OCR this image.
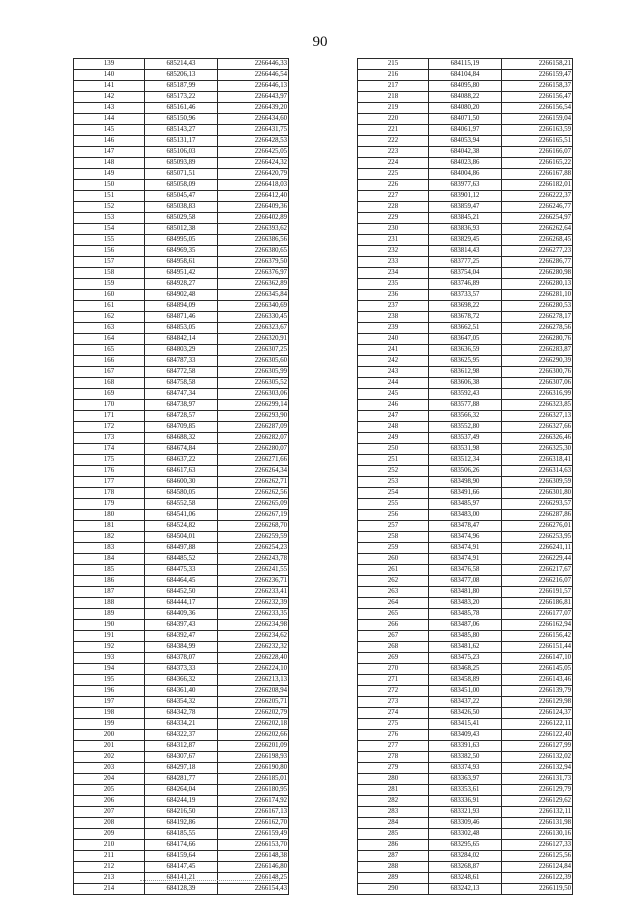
90
139	685214,43	2266446,33
140	685206,13	2266446,54
141	685187,99	2266446,13
142	685173,22	2266443,97
143	685161,46	2266439,20
144	685150,96	2266434,60
145	685143,27	2266431,75
146	685131,17	2266428,53
147	685106,03	2266425,05
148	685093,89	2266424,32
149	685071,51	2266420,79
150	685058,09	2266418,03
151	685045,47	2266412,40
152	685038,83	2266409,36
153	685029,58	2266402,89
154	685012,38	2266393,62
155	684995,05	2266386,56
156	684969,35	2266380,65
157	684958,61	2266379,50
158	684951,42	2266376,97
159	684928,27	2266362,89
160	684902,48	2266345,84
161	684894,09	2266340,69
162	684871,46	2266330,45
163	684853,05	2266323,67
164	684842,14	2266320,91
165	684803,29	2266307,25
166	684787,33	2266305,60
167	684772,58	2266305,99
168	684758,58	2266305,52
169	684747,34	2266303,06
170	684738,97	2266299,14
171	684728,57	2266293,90
172	684709,85	2266287,09
173	684688,32	2266282,07
174	684674,84	2266280,07
175	684637,22	2266271,66
176	684617,63	2266264,34
177	684600,30	2266262,71
178	684580,05	2266262,56
179	684552,58	2266265,09
180	684541,06	2266267,19
181	684524,82	2266268,70
182	684504,01	2266259,59
183	684497,88	2266254,23
184	684485,52	2266243,78
185	684475,33	2266241,55
186	684464,45	2266236,71
187	684452,50	2266233,41
188	684444,17	2266232,39
189	684409,36	2266233,35
190	684397,43	2266234,98
191	684392,47	2266234,62
192	684384,99	2266232,32
193	684378,07	2266228,40
194	684373,33	2266224,10
195	684366,32	2266213,13
196	684361,40	2266208,94
197	684354,32	2266205,71
198	684342,78	2266202,79
199	684334,21	2266202,18
200	684322,37	2266202,66
201	684312,87	2266201,09
202	684307,67	2266198,93
203	684297,18	2266190,80
204	684281,77	2266185,01
205	684264,04	2266180,95
206	684244,19	2266174,92
207	684216,50	2266167,13
208	684192,86	2266162,70
209	684185,55	2266159,49
210	684174,66	2266153,70
211	684159,64	2266148,38
212	684147,45	2266146,80
213	684141,21	2266148,25
214	684128,39	2266154,43
215	684115,19	2266158,21
216	684104,84	2266159,47
217	684095,80	2266158,37
218	684088,22	2266156,47
219	684080,20	2266156,54
220	684071,50	2266159,04
221	684061,97	2266163,59
222	684053,94	2266165,51
223	684042,38	2266166,07
224	684023,86	2266165,22
225	684004,86	2266167,88
226	683977,63	2266182,01
227	683901,12	2266222,37
228	683859,47	2266246,77
229	683845,21	2266254,97
230	683836,93	2266262,64
231	683829,45	2266268,45
232	683814,43	2266277,23
233	683777,25	2266286,77
234	683754,04	2266280,98
235	683746,89	2266280,13
236	683733,57	2266281,10
237	683698,22	2266280,53
238	683678,72	2266278,17
239	683662,51	2266278,56
240	683647,05	2266280,76
241	683636,59	2266283,87
242	683625,95	2266290,39
243	683612,98	2266300,76
244	683606,38	2266307,06
245	683592,43	2266316,99
246	683577,88	2266323,85
247	683566,32	2266327,13
248	683552,80	2266327,66
249	683537,49	2266326,46
250	683531,98	2266325,30
251	683512,34	2266318,41
252	683506,26	2266314,63
253	683498,90	2266309,59
254	683491,66	2266301,80
255	683485,97	2266293,57
256	683483,00	2266287,86
257	683478,47	2266276,01
258	683474,96	2266253,95
259	683474,91	2266241,11
260	683474,91	2266229,44
261	683476,58	2266217,67
262	683477,08	2266216,07
263	683481,80	2266191,57
264	683483,20	2266186,81
265	683485,78	2266177,07
266	683487,06	2266162,94
267	683485,80	2266156,42
268	683481,62	2266151,44
269	683475,23	2266147,10
270	683468,25	2266145,05
271	683458,89	2266143,46
272	683451,00	2266139,79
273	683437,22	2266129,98
274	683426,50	2266124,37
275	683415,41	2266122,11
276	683409,43	2266122,40
277	683391,63	2266127,99
278	683382,50	2266132,02
279	683374,93	2266132,94
280	683363,97	2266131,73
281	683353,61	2266129,79
282	683336,91	2266129,62
283	683321,93	2266132,11
284	683309,46	2266131,98
285	683302,48	2266130,16
286	683295,65	2266127,33
287	683284,02	2266125,56
288	683268,87	2266124,84
289	683248,61	2266122,39
290	683242,13	2266119,50
